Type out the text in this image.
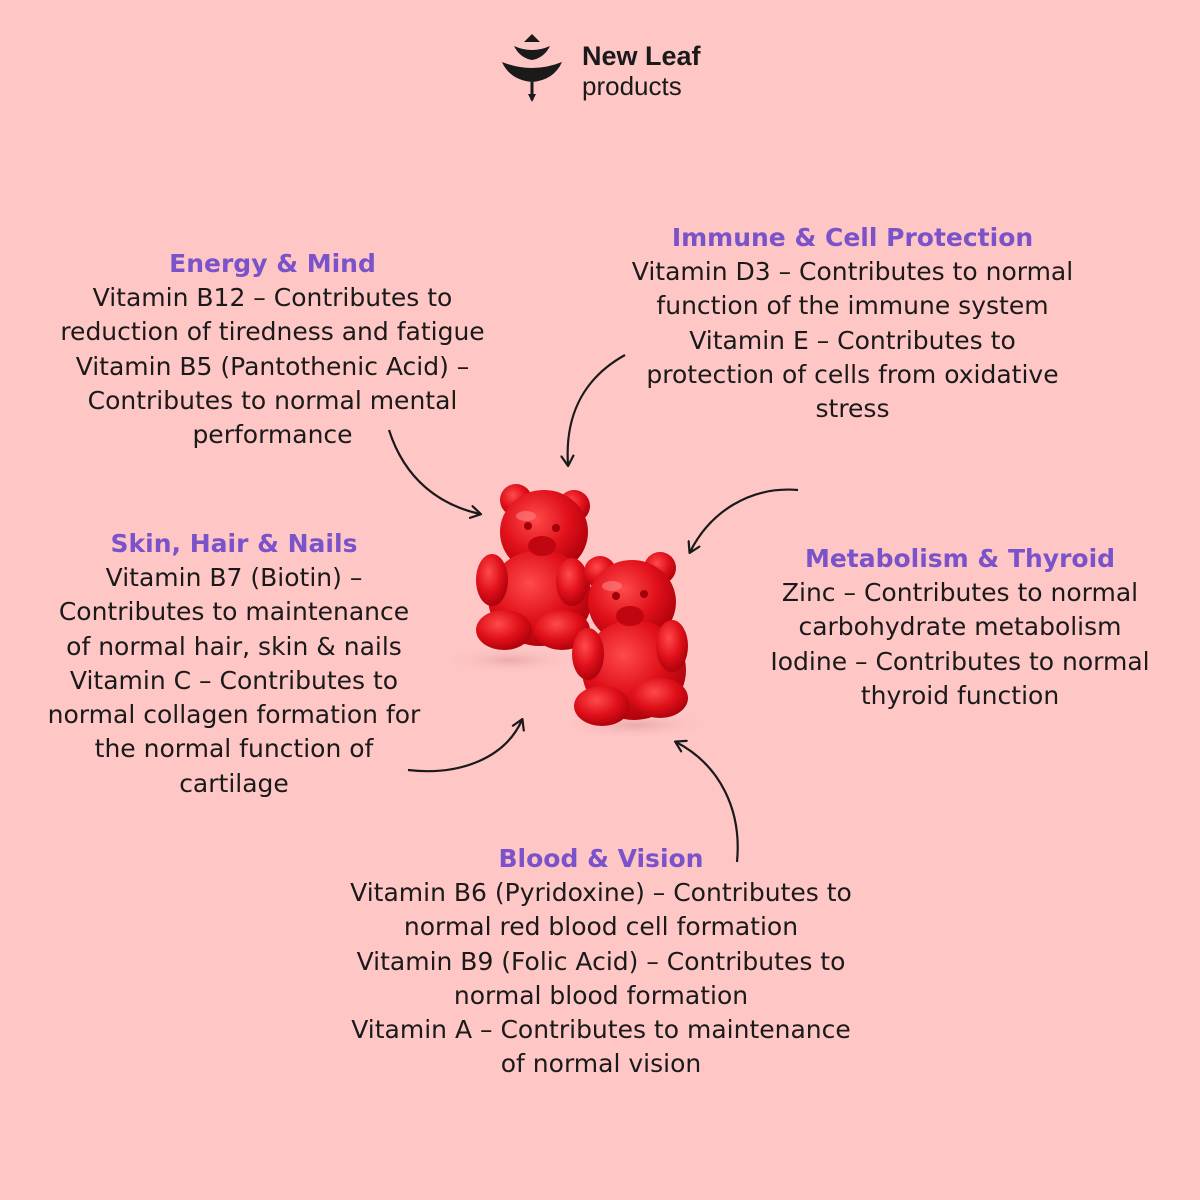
New Leaf
products
Energy & Mind
Vitamin B12 – Contributes to
reduction of tiredness and fatigue
Vitamin B5 (Pantothenic Acid) –
Contributes to normal mental
performance
Immune & Cell Protection
Vitamin D3 – Contributes to normal
function of the immune system
Vitamin E – Contributes to
protection of cells from oxidative
stress
Skin, Hair & Nails
Vitamin B7 (Biotin) –
Contributes to maintenance
of normal hair, skin & nails
Vitamin C – Contributes to
normal collagen formation for
the normal function of
cartilage
Metabolism & Thyroid
Zinc – Contributes to normal
carbohydrate metabolism
Iodine – Contributes to normal
thyroid function
Blood & Vision
Vitamin B6 (Pyridoxine) – Contributes to
normal red blood cell formation
Vitamin B9 (Folic Acid) – Contributes to
normal blood formation
Vitamin A – Contributes to maintenance
of normal vision
